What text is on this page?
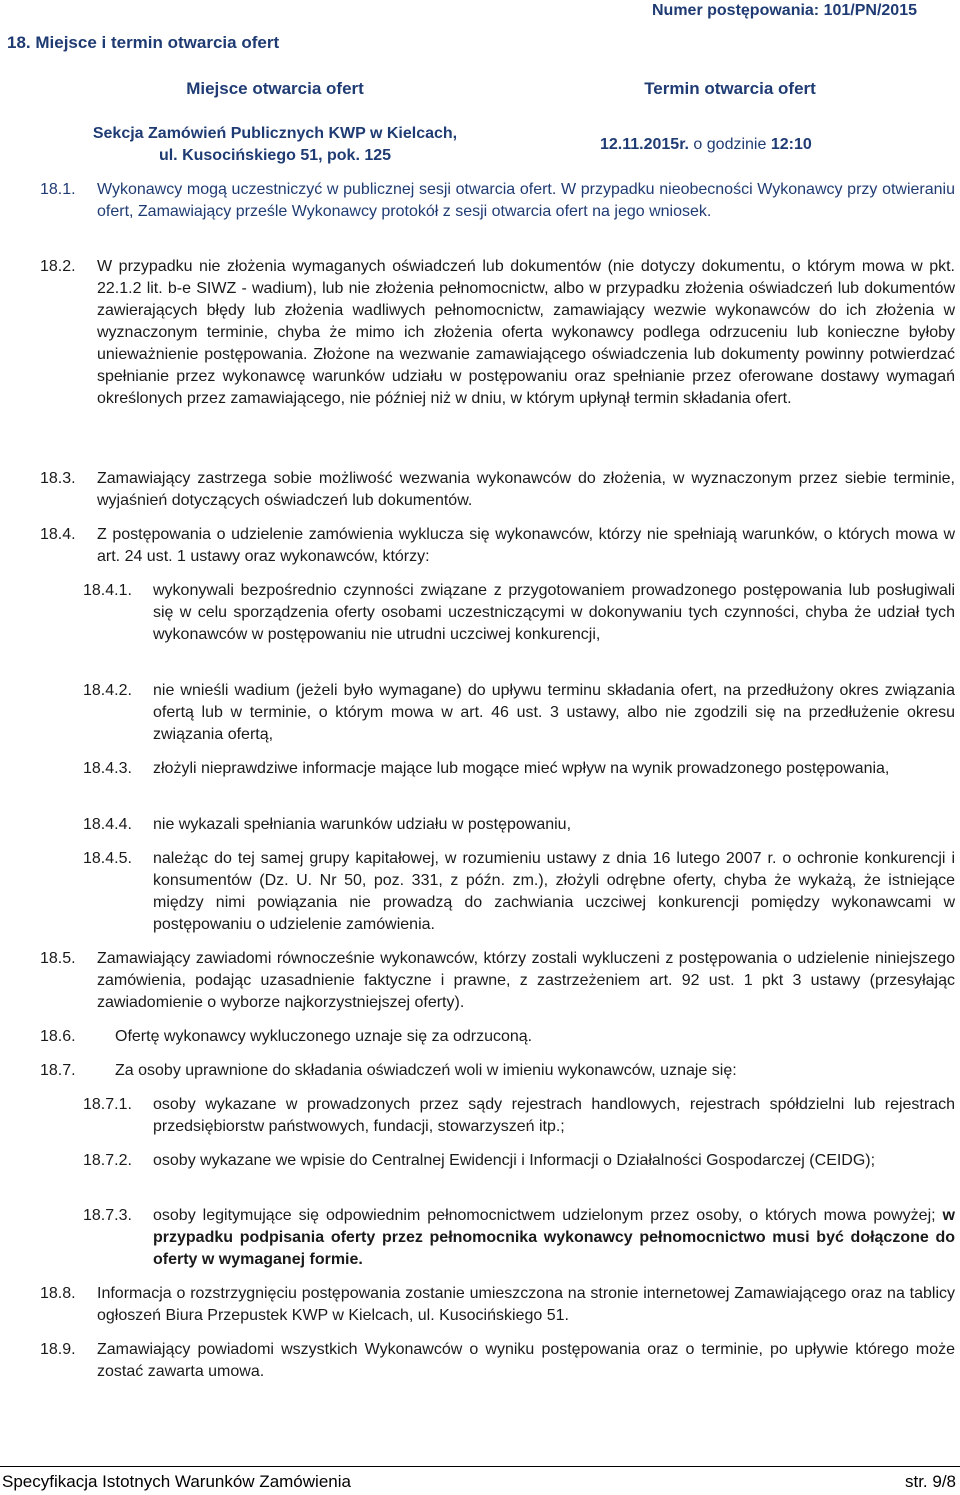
Numer postępowania: 101/PN/2015
18. Miejsce i termin otwarcia ofert
Miejsce otwarcia ofert	Termin otwarcia ofert
Sekcja Zamówień Publicznych KWP w Kielcach,
ul. Kusocińskiego 51, pok. 125
12.11.2015r. o godzinie 12:10
18.1. Wykonawcy mogą uczestniczyć w publicznej sesji otwarcia ofert. W przypadku nieobecności Wykonawcy przy otwieraniu ofert, Zamawiający prześle Wykonawcy protokół z sesji otwarcia ofert na jego wniosek.
18.2. W przypadku nie złożenia wymaganych oświadczeń lub dokumentów (nie dotyczy dokumentu, o którym mowa w pkt. 22.1.2 lit. b-e SIWZ - wadium), lub nie złożenia pełnomocnictw, albo w przypadku złożenia oświadczeń lub dokumentów zawierających błędy lub złożenia wadliwych pełnomocnictw, zamawiający wezwie wykonawców do ich złożenia w wyznaczonym terminie, chyba że mimo ich złożenia oferta wykonawcy podlega odrzuceniu lub konieczne byłoby unieważnienie postępowania. Złożone na wezwanie zamawiającego oświadczenia lub dokumenty powinny potwierdzać spełnianie przez wykonawcę warunków udziału w postępowaniu oraz spełnianie przez oferowane dostawy wymagań określonych przez zamawiającego, nie później niż w dniu, w którym upłynął termin składania ofert.
18.3. Zamawiający zastrzega sobie możliwość wezwania wykonawców do złożenia, w wyznaczonym przez siebie terminie, wyjaśnień dotyczących oświadczeń lub dokumentów.
18.4. Z postępowania o udzielenie zamówienia wyklucza się wykonawców, którzy nie spełniają warunków, o których mowa w art. 24 ust. 1 ustawy oraz wykonawców, którzy:
18.4.1. wykonywali bezpośrednio czynności związane z przygotowaniem prowadzonego postępowania lub posługiwali się w celu sporządzenia oferty osobami uczestniczącymi w dokonywaniu tych czynności, chyba że udział tych wykonawców w postępowaniu nie utrudni uczciwej konkurencji,
18.4.2. nie wnieśli wadium (jeżeli było wymagane) do upływu terminu składania ofert, na przedłużony okres związania ofertą lub w terminie, o którym mowa w art. 46 ust. 3 ustawy, albo nie zgodzili się na przedłużenie okresu związania ofertą,
18.4.3. złożyli nieprawdziwe informacje mające lub mogące mieć wpływ na wynik prowadzonego postępowania,
18.4.4. nie wykazali spełniania warunków udziału w postępowaniu,
18.4.5. należąc do tej samej grupy kapitałowej, w rozumieniu ustawy z dnia 16 lutego 2007 r. o ochronie konkurencji i konsumentów (Dz. U. Nr 50, poz. 331, z późn. zm.), złożyli odrębne oferty, chyba że wykażą, że istniejące między nimi powiązania nie prowadzą do zachwiania uczciwej konkurencji pomiędzy wykonawcami w postępowaniu o udzielenie zamówienia.
18.5. Zamawiający zawiadomi równocześnie wykonawców, którzy zostali wykluczeni z postępowania o udzielenie niniejszego zamówienia, podając uzasadnienie faktyczne i prawne, z zastrzeżeniem art. 92 ust. 1 pkt 3 ustawy (przesyłając zawiadomienie o wyborze najkorzystniejszej oferty).
18.6. Ofertę wykonawcy wykluczonego uznaje się za odrzuconą.
18.7. Za osoby uprawnione do składania oświadczeń woli w imieniu wykonawców, uznaje się:
18.7.1. osoby wykazane w prowadzonych przez sądy rejestrach handlowych, rejestrach spółdzielni lub rejestrach przedsiębiorstw państwowych, fundacji, stowarzyszeń itp.;
18.7.2. osoby wykazane we wpisie do Centralnej Ewidencji i Informacji o Działalności Gospodarczej (CEIDG);
18.7.3. osoby legitymujące się odpowiednim pełnomocnictwem udzielonym przez osoby, o których mowa powyżej; w przypadku podpisania oferty przez pełnomocnika wykonawcy pełnomocnictwo musi być dołączone do oferty w wymaganej formie.
18.8. Informacja o rozstrzygnięciu postępowania zostanie umieszczona na stronie internetowej Zamawiającego oraz na tablicy ogłoszeń Biura Przepustek KWP w Kielcach, ul. Kusocińskiego 51.
18.9. Zamawiający powiadomi wszystkich Wykonawców o wyniku postępowania oraz o terminie, po upływie którego może zostać zawarta umowa.
Specyfikacja Istotnych Warunków Zamówienia	str. 9/8
